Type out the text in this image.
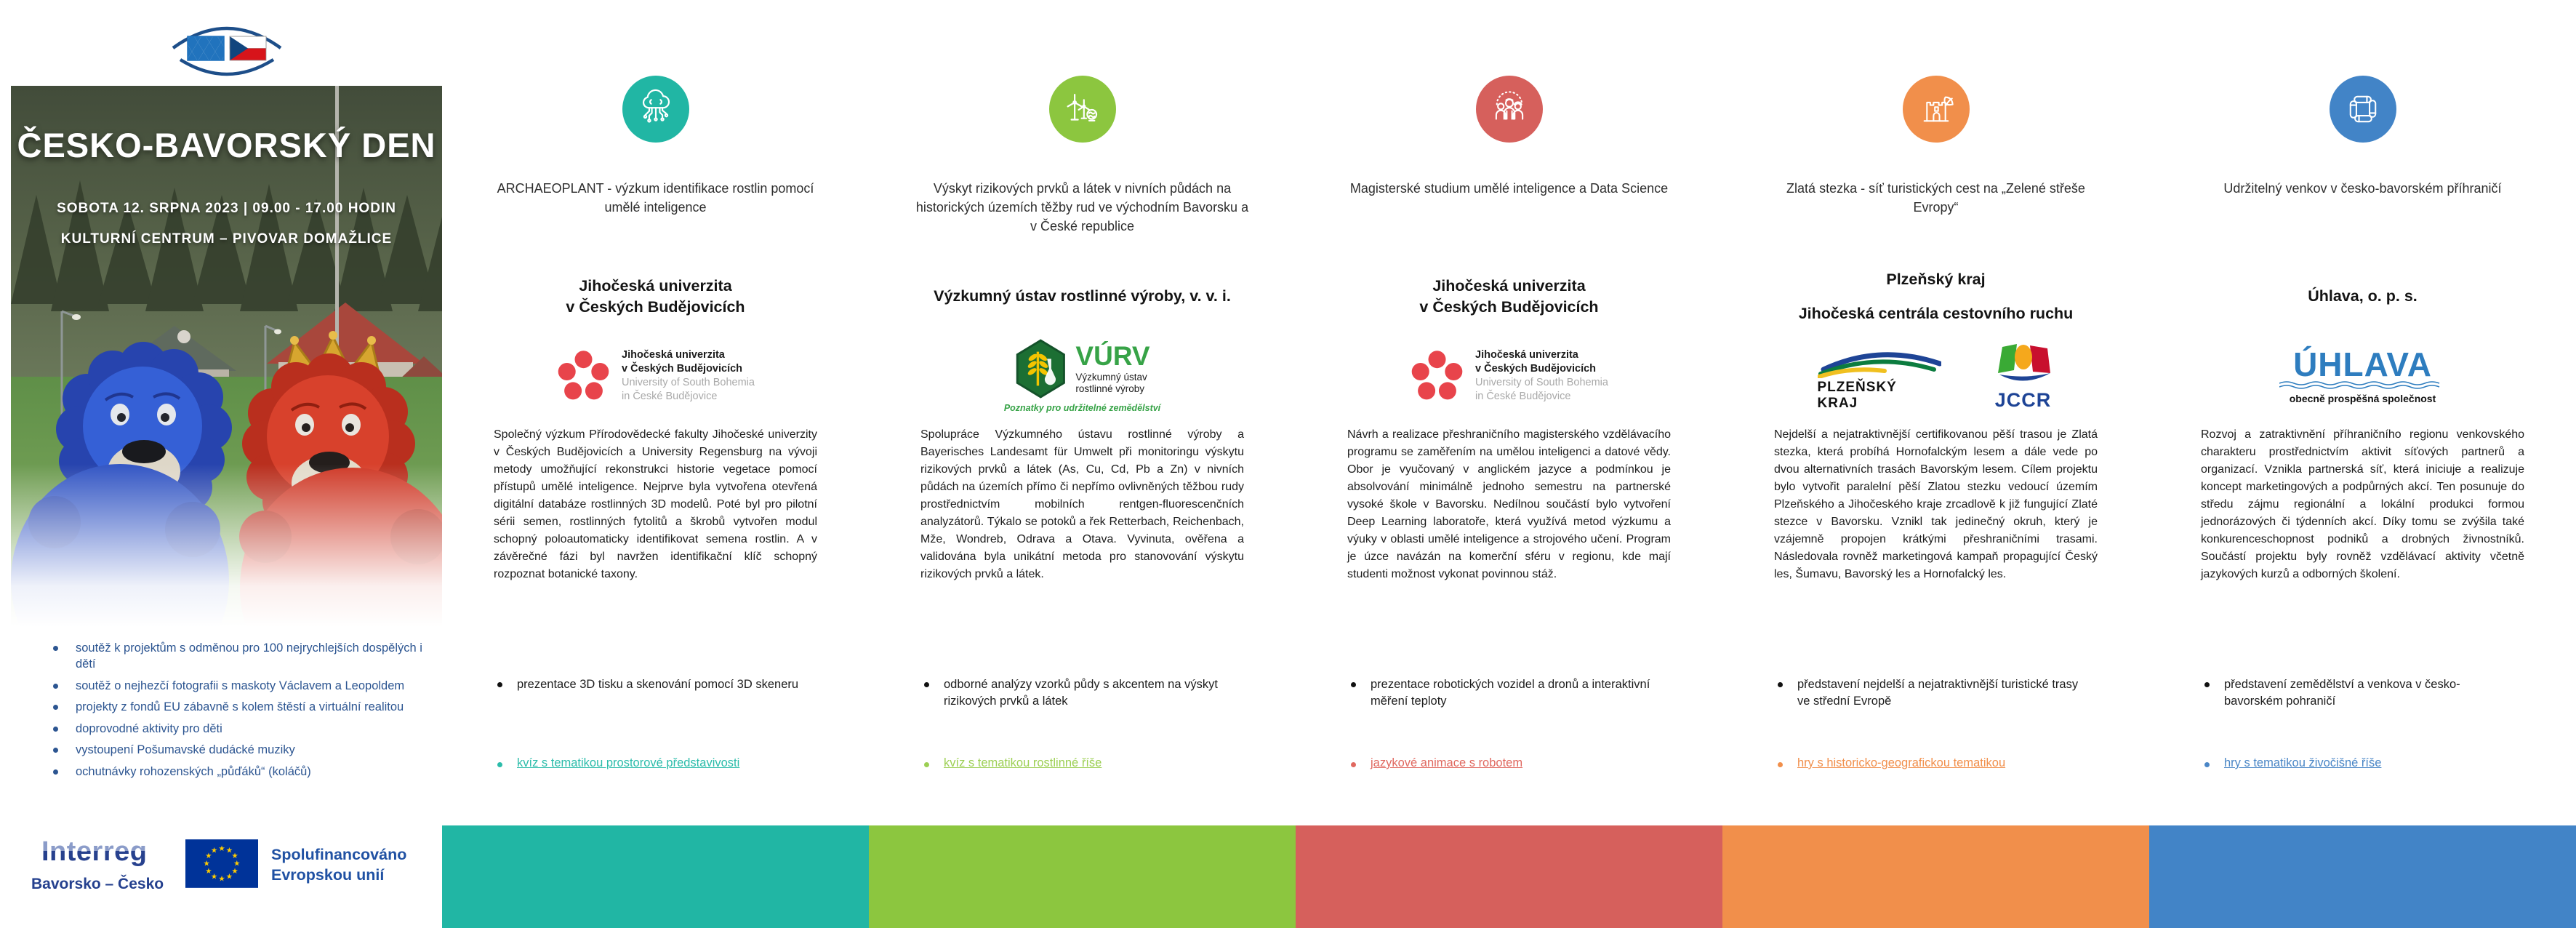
ČESKO-BAVORSKÝ DEN
SOBOTA 12. SRPNA 2023 | 09.00 - 17.00 HODIN
KULTURNÍ CENTRUM – PIVOVAR DOMAŽLICE
soutěž k projektům s odměnou pro 100 nejrychlejších dospělých i dětí
soutěž o nejhezčí fotografii s maskoty Václavem a Leopoldem
projekty z fondů EU zábavně s kolem štěstí a virtuální realitou
doprovodné aktivity pro děti
vystoupení Pošumavské dudácké muziky
ochutnávky rohozenských „půďáků“ (koláčů)
Interreg
Bavorsko – Česko
★ ★
★
★
★
★
★
★
★
★
★
★	Spolufinancováno
Evropskou unií
ARCHAEOPLANT - výzkum identifikace rostlin pomocí umělé inteligence
Jihočeská univerzita
v Českých Budějovicích
Jihočeská univerzita
v Českých Budějovicích
University of South Bohemia
in České Budějovice
Společný výzkum Přírodovědecké fakulty Jihočeské univerzity v Českých Budějovicích a University Regensburg na vývoji metody umožňující rekonstrukci historie vegetace pomocí přístupů umělé inteligence. Nejprve byla vytvořena otevřená digitální databáze rostlinných 3D modelů. Poté byl pro pilotní sérii semen, rostlinných fytolitů a škrobů vytvořen modul schopný poloautomaticky identifikovat semena rostlin. A v závěrečné fázi byl navržen identifikační klíč schopný rozpoznat botanické taxony.
prezentace 3D tisku a skenování pomocí 3D skeneru
kvíz s tematikou prostorové představivosti
Výskyt rizikových prvků a látek v nivních půdách na historických územích těžby rud ve východním Bavorsku a v České republice
Výzkumný ústav rostlinné výroby, v. v. i.
VÚRV
Výzkumný ústav
rostlinné výroby
Poznatky pro udržitelné zemědělství
Spolupráce Výzkumného ústavu rostlinné výroby a Bayerisches Landesamt für Umwelt při monitoringu výskytu rizikových prvků a látek (As, Cu, Cd, Pb a Zn) v nivních půdách na územích přímo či nepřímo ovlivněných těžbou rudy prostřednictvím mobilních rentgen-fluorescenčních analyzátorů. Týkalo se potoků a řek Retterbach, Reichenbach, Mže, Wondreb, Odrava a Otava. Vyvinuta, ověřena a validována byla unikátní metoda pro stanovování výskytu rizikových prvků a látek.
odborné analýzy vzorků půdy s akcentem na výskyt rizikových prvků a látek
kvíz s tematikou rostlinné říše
Magisterské studium umělé inteligence a Data Science
Jihočeská univerzita
v Českých Budějovicích
Jihočeská univerzita
v Českých Budějovicích
University of South Bohemia
in České Budějovice
Návrh a realizace přeshraničního magisterského vzdělávacího programu se zaměřením na umělou inteligenci a datové vědy. Obor je vyučovaný v anglickém jazyce a podmínkou je absolvování minimálně jednoho semestru na partnerské vysoké škole v Bavorsku. Nedílnou součástí bylo vytvoření Deep Learning laboratoře, která využívá metod výzkumu a výuky v oblasti umělé inteligence a strojového učení. Program je úzce navázán na komerční sféru v regionu, kde mají studenti možnost vykonat povinnou stáž.
prezentace robotických vozidel a dronů a interaktivní měření teploty
jazykové animace s robotem
Zlatá stezka - síť turistických cest na „Zelené střeše Evropy“
Plzeňský kraj
Jihočeská centrála cestovního ruchu
PLZEŇSKÝ KRAJ	JCCR
Nejdelší a nejatraktivnější certifikovanou pěší trasou je Zlatá stezka, která probíhá Hornofalckým lesem a dále vede po dvou alternativních trasách Bavorským lesem. Cílem projektu bylo vytvořit paralelní pěší Zlatou stezku vedoucí územím Plzeňského a Jihočeského kraje zrcadlově k již fungující Zlaté stezce v Bavorsku. Vznikl tak jedinečný okruh, který je vzájemně propojen krátkými přeshraničními trasami. Následovala rovněž marketingová kampaň propagující Český les, Šumavu, Bavorský les a Hornofalcký les.
představení nejdelší a nejatraktivnější turistické trasy ve střední Evropě
hry s historicko-geografickou tematikou
Udržitelný venkov v česko-bavorském příhraničí
Úhlava, o. p. s.
ÚHLAVA
obecně prospěšná společnost
Rozvoj a zatraktivnění příhraničního regionu venkovského charakteru prostřednictvím aktivit síťových partnerů a organizací. Vznikla partnerská síť, která iniciuje a realizuje koncept marketingových a podpůrných akcí. Ten posunuje do středu zájmu regionální a lokální produkci formou jednorázových či týdenních akcí. Díky tomu se zvýšila také konkurenceschopnost podniků a drobných živnostníků. Součástí projektu byly rovněž vzdělávací aktivity včetně jazykových kurzů a odborných školení.
představení zemědělství a venkova v česko-bavorském pohraničí
hry s tematikou živočišné říše
